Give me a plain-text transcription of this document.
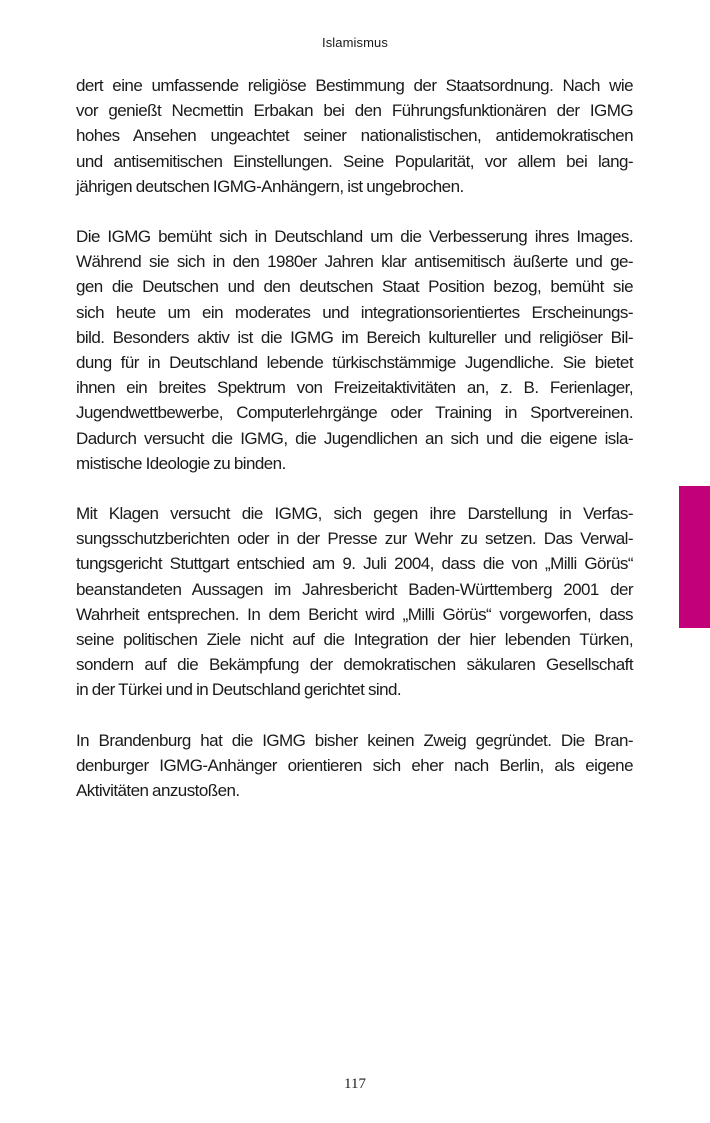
Islamismus

dert eine umfassende religiöse Bestimmung der Staatsordnung. Nach wie
vor genießt Necmettin Erbakan bei den Führungsfunktionären der IGMG
hohes Ansehen ungeachtet seiner nationalistischen, antidemokratischen
und antisemitischen Einstellungen. Seine Popularität, vor allem bei lang-
jährigen deutschen IGMG-Anhängern, ist ungebrochen.

Die IGMG bemüht sich in Deutschland um die Verbesserung ihres Images.
Während sie sich in den 1980er Jahren klar antisemitisch äußerte und ge-
gen die Deutschen und den deutschen Staat Position bezog, bemüht sie
sich heute um ein moderates und integrationsorientiertes Erscheinungs-
bild. Besonders aktiv ist die IGMG im Bereich kultureller und religiöser Bil-
dung für in Deutschland lebende türkischstämmige Jugendliche. Sie bietet
ihnen ein breites Spektrum von Freizeitaktivitäten an, z. B. Ferienlager,
Jugendwettbewerbe, Computerlehrgänge oder Training in Sportvereinen.
Dadurch versucht die IGMG, die Jugendlichen an sich und die eigene isla-
mistische Ideologie zu binden.

Mit Klagen versucht die IGMG, sich gegen ihre Darstellung in Verfas-
sungsschutzberichten oder in der Presse zur Wehr zu setzen. Das Verwal-
tungsgericht Stuttgart entschied am 9. Juli 2004, dass die von „Milli Görüs“
beanstandeten Aussagen im Jahresbericht Baden-Württemberg 2001 der
Wahrheit entsprechen. In dem Bericht wird „Milli Görüs“ vorgeworfen, dass
seine politischen Ziele nicht auf die Integration der hier lebenden Türken,
sondern auf die Bekämpfung der demokratischen säkularen Gesellschaft
in der Türkei und in Deutschland gerichtet sind.

In Brandenburg hat die IGMG bisher keinen Zweig gegründet. Die Bran-
denburger IGMG-Anhänger orientieren sich eher nach Berlin, als eigene
Aktivitäten anzustoßen.

117
